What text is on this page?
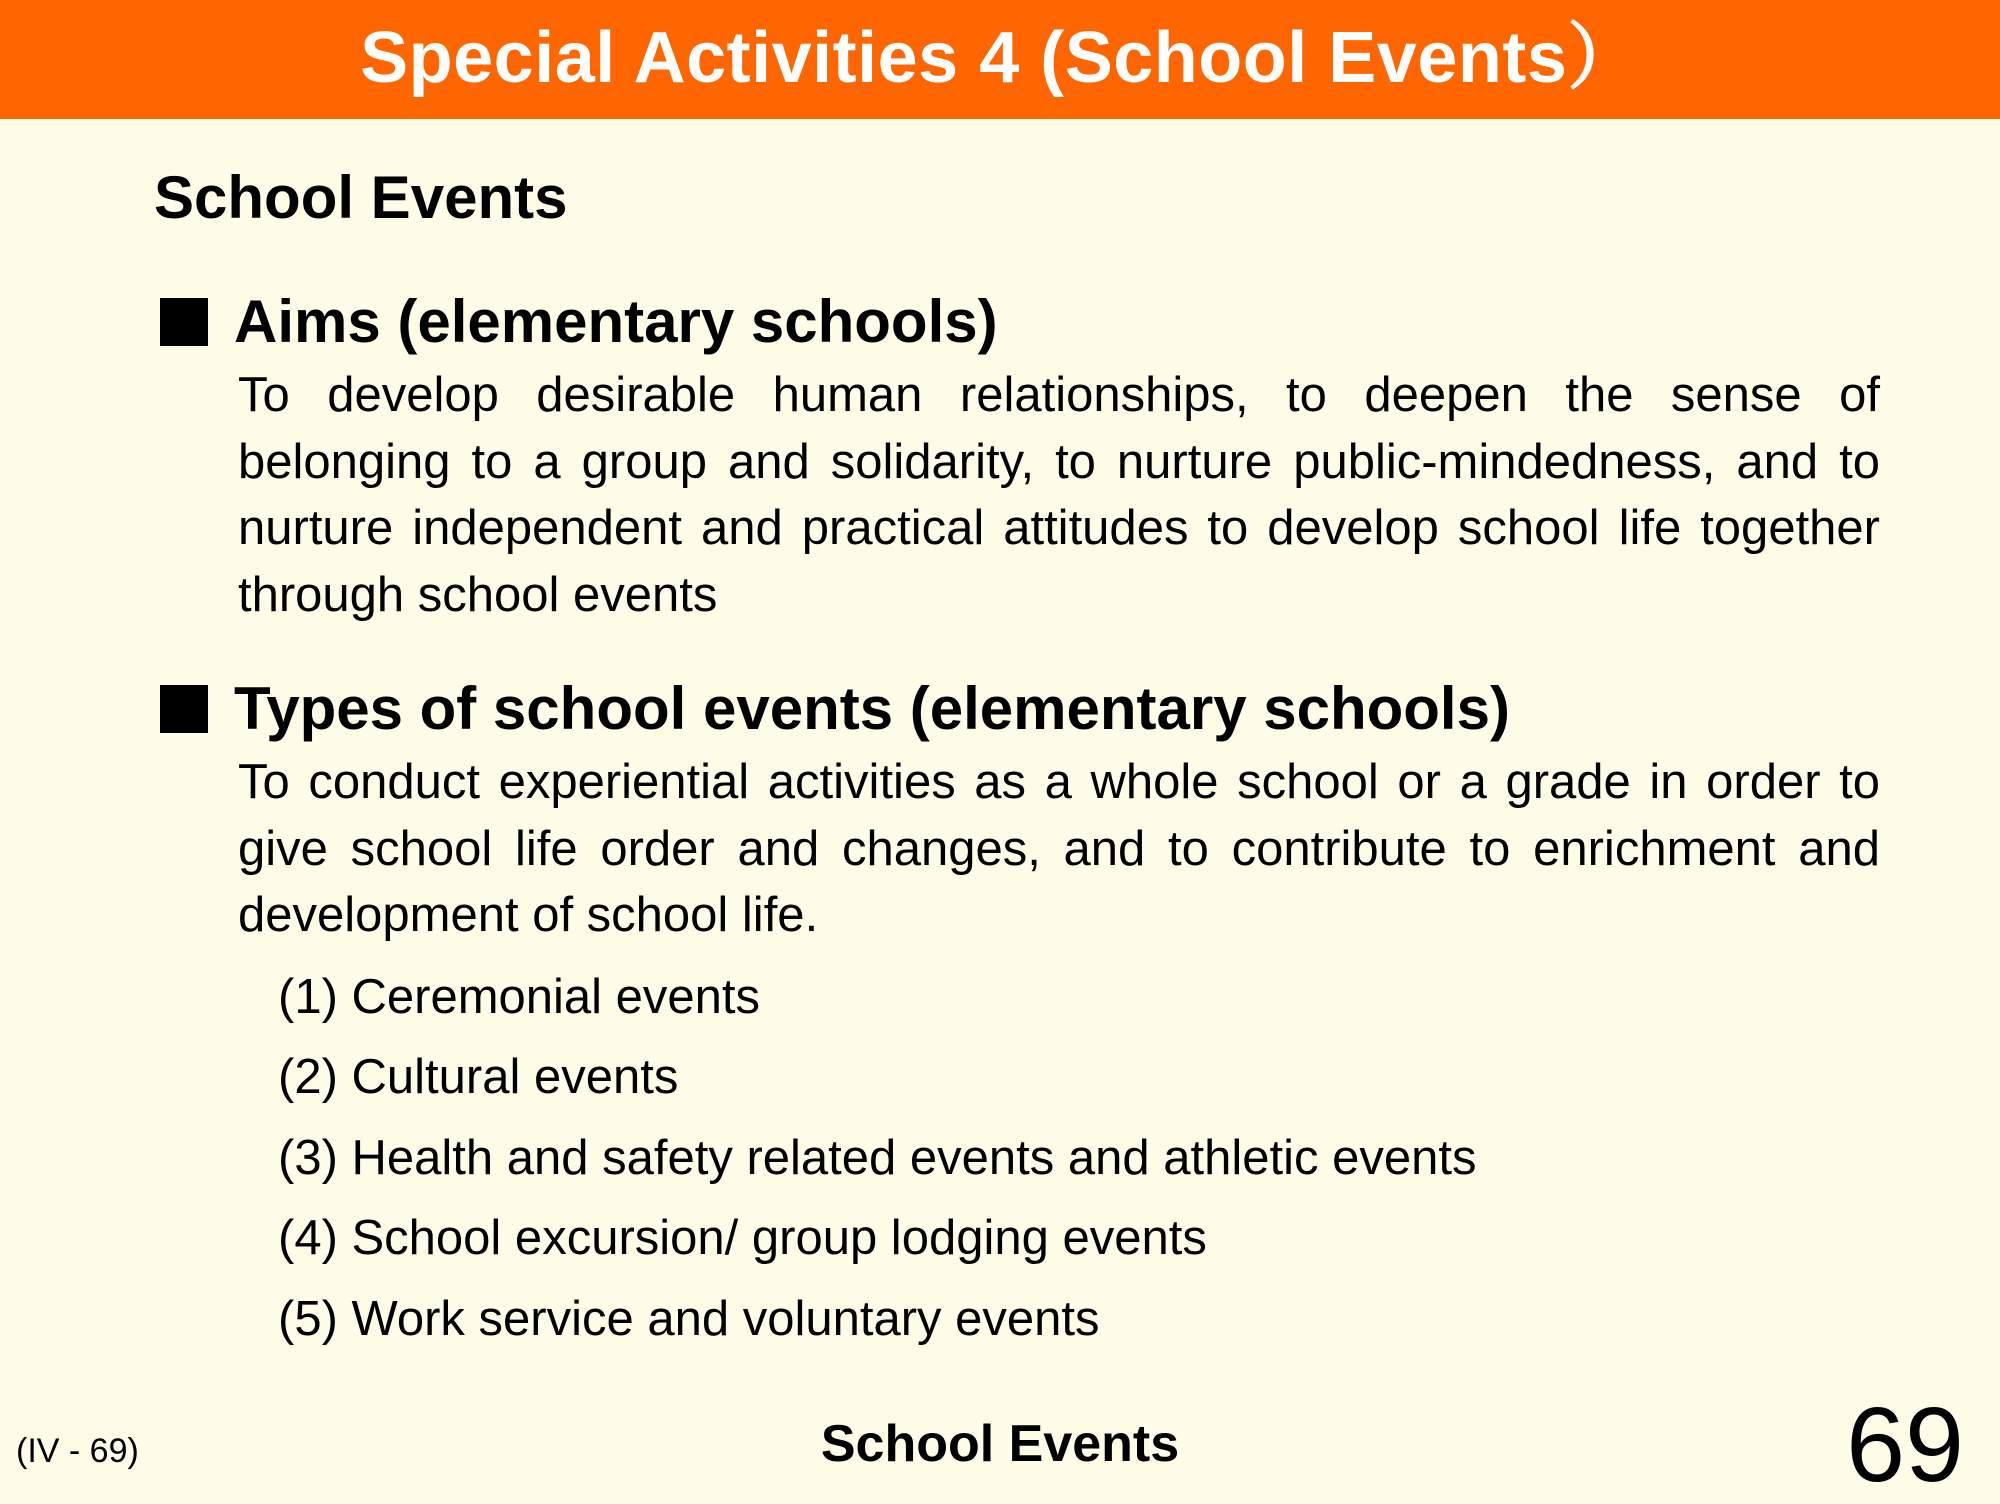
Special Activities 4 (School Events）
School Events
Aims (elementary schools)
To develop desirable human relationships, to deepen the sense of belonging to a group and solidarity, to nurture public-mindedness, and to nurture independent and practical attitudes to develop school life together through school events
Types of school events (elementary schools)
To conduct experiential activities as a whole school or a grade in order to give school life order and changes, and to contribute to enrichment and development of school life.
(1) Ceremonial events
(2) Cultural events
(3) Health and safety related events and athletic events
(4) School excursion/ group lodging events
(5) Work service and voluntary events
(IV - 69)	School Events	69
